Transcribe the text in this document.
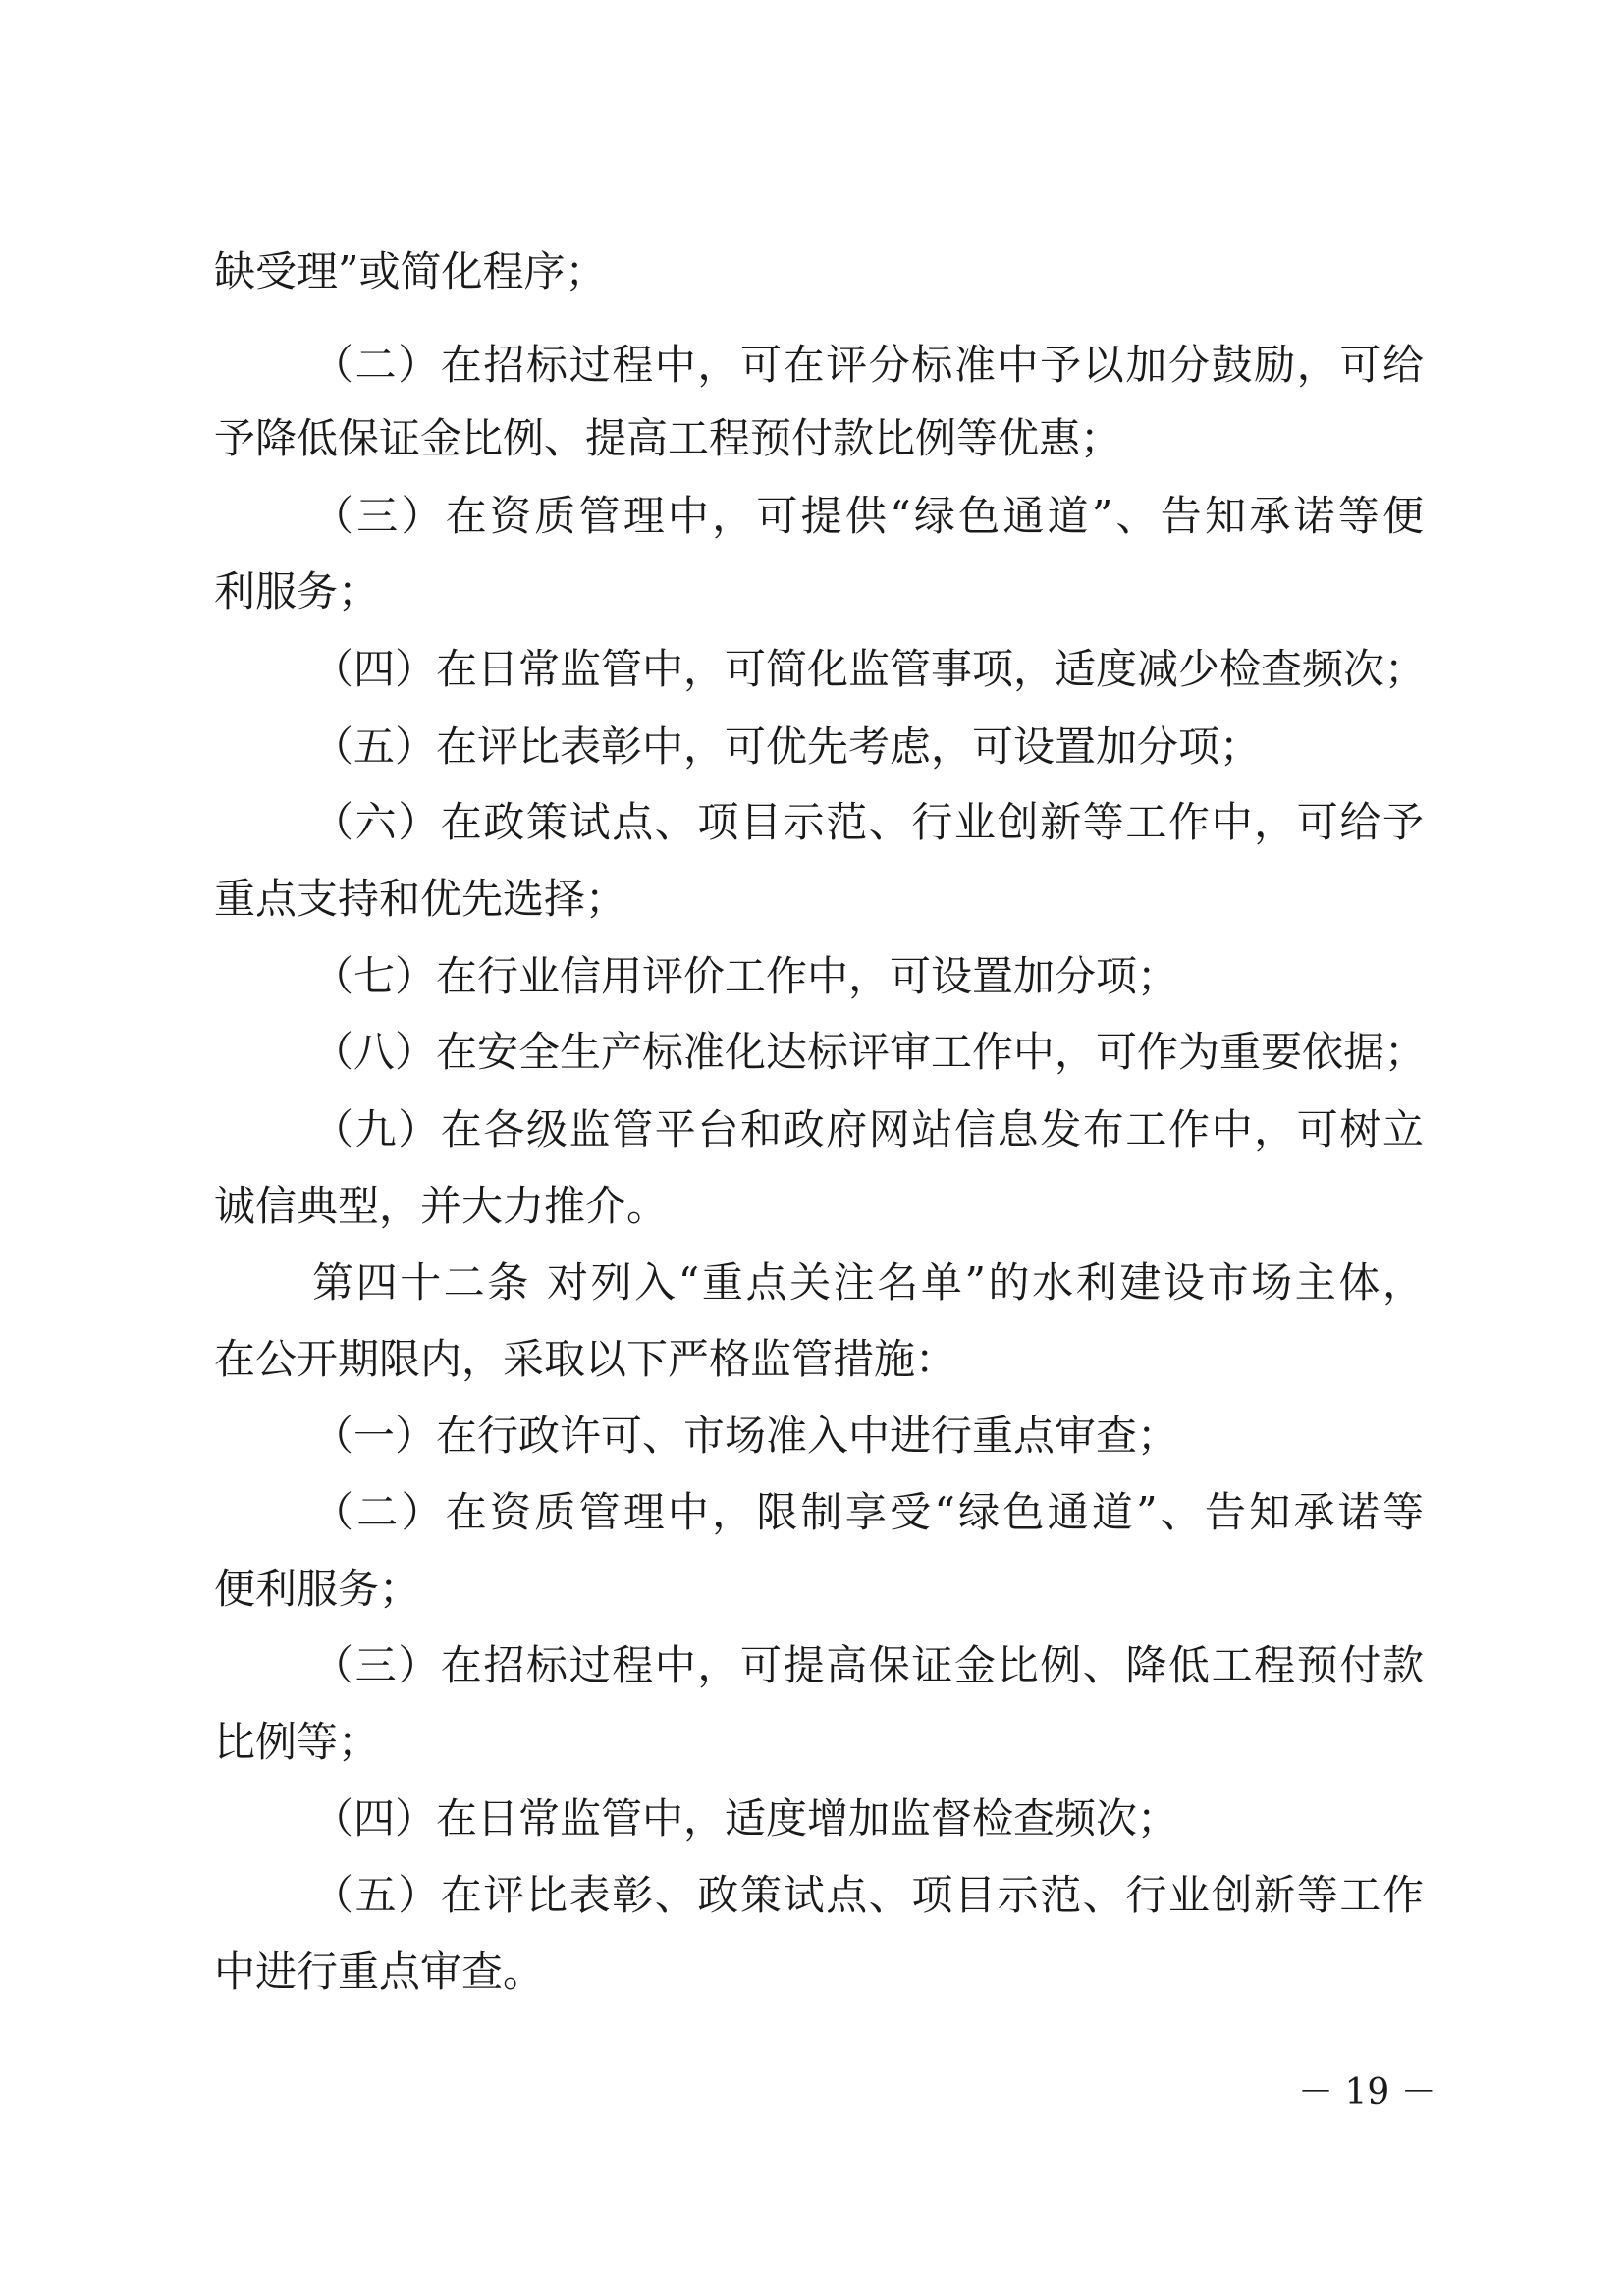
缺受理”或简化程序；
（二）在招标过程中，可在评分标准中予以加分鼓励，可给
予降低保证金比例、提高工程预付款比例等优惠；
（三）在资质管理中，可提供“绿色通道”、告知承诺等便
利服务；
（四）在日常监管中，可简化监管事项，适度减少检查频次；
（五）在评比表彰中，可优先考虑，可设置加分项；
（六）在政策试点、项目示范、行业创新等工作中，可给予
重点支持和优先选择；
（七）在行业信用评价工作中，可设置加分项；
（八）在安全生产标准化达标评审工作中，可作为重要依据；
（九）在各级监管平台和政府网站信息发布工作中，可树立
诚信典型，并大力推介。
第四十二条 对列入“重点关注名单”的水利建设市场主体，
在公开期限内，采取以下严格监管措施：
（一）在行政许可、市场准入中进行重点审查；
（二）在资质管理中，限制享受“绿色通道”、告知承诺等
便利服务；
（三）在招标过程中，可提高保证金比例、降低工程预付款
比例等；
（四）在日常监管中，适度增加监督检查频次；
（五）在评比表彰、政策试点、项目示范、行业创新等工作
中进行重点审查。
－ 19 －
